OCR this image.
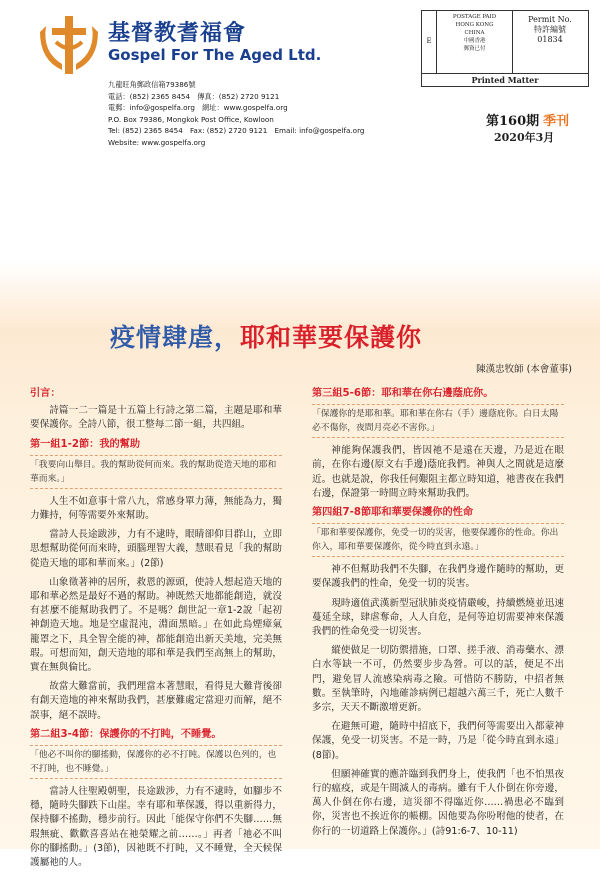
基督教耆福會
Gospel For The Aged Ltd.
九龍旺角郵政信箱79386號
電話：(852) 2365 8454　傳真：(852) 2720 9121
電郵：info@gospelfa.org　網址：www.gospelfa.org
P.O. Box 79386, Mongkok Post Office, Kowloon
Tel: (852) 2365 8454　Fax: (852) 2720 9121　Email: info@gospelfa.org
Website: www.gospelfa.org
E
POSTAGE PAID
HONG KONG
CHINA
中國香港
郵資已付
Permit No.
特許編號
01834
Printed Matter
第160期 季刊
2020年3月
疫情肆虐，耶和華要保護你
陳漢忠牧師 (本會董事)
引言：

詩篇一二一篇是十五篇上行詩之第二篇，主題是耶和華要保護你。全詩八節，很工整每二節一組，共四組。

第一組1-2節：我的幫助
「我要向山舉目。我的幫助從何而來。我的幫助從造天地的耶和華而來。」

人生不如意事十常八九，常感身單力薄，無能為力，獨力難持，何等需要外來幫助。

當詩人長途跋涉，力有不逮時，眼睛卻仰目群山，立即思想幫助從何而來時，頭腦理智大義，慧眼看見「我的幫助從造天地的耶和華而來。」(2節)

山象徵著神的居所，救恩的源頭，使詩人想起造天地的耶和華必然是最好不過的幫助。神既然天地都能創造，就沒有甚麼不能幫助我們了。不是嗎？創世記一章1-2說「起初神創造天地。地是空虛混沌，淵面黑暗。」在如此烏煙瘴氣籠罩之下，具全智全能的神，都能創造出新天美地，完美無瑕。可想而知，創天造地的耶和華是我們至高無上的幫助，實在無與倫比。

故當大難當前，我們理當本著慧眼，看得見大難背後卻有創天造地的神來幫助我們，甚麼難處定當迎刃而解，絕不誤事，絕不誤時。

第二組3-4節：保護你的不打盹，不睡覺。
「他必不叫你的腳搖動，保護你的必不打盹。保護以色列的，也不打盹，也不睡覺。」

當詩人往聖殿朝聖，長途跋涉，力有不逮時，如腳步不穩，隨時失腳跌下山崖。幸有耶和華保護，得以重新得力，保持腳不搖動，穩步前行。因此「能保守你們不失腳……無瑕無疵、歡歡喜喜站在祂榮耀之前……。」再者「祂必不叫你的腳搖動。」(3節)，因祂既不打盹，又不睡覺，全天候保護屬祂的人。

第三組5-6節：耶和華在你右邊蔭庇你。
「保護你的是耶和華。耶和華在你右（手）邊蔭庇你。白日太陽必不傷你，夜間月亮必不害你。」

神能夠保護我們，皆因祂不是遠在天邊，乃是近在眼前，在你右邊(原文右手邊)蔭庇我們。神與人之間就是這麼近。也就是說，你我任何艱阻主都立時知道，祂書夜在我們右邊，保證第一時間立時來幫助我們。

第四組7-8節耶和華要保護你的性命
「耶和華要保護你，免受一切的災害，他要保護你的性命。你出你入，耶和華要保護你，從今時直到永遠。」

神不但幫助我們不失腳，在我們身邊作隨時的幫助，更要保護我們的性命，免受一切的災害。

現時適值武漢新型冠狀肺炎疫情嚴峻，持續燃燒並迅速蔓延全球，肆虐奪命，人人自危，是何等迫切需要神來保護我們的性命免受一切災害。

縱使做足一切防禦措施，口罩、搓手液、消毒藥水、漂白水等缺一不可，仍然要步步為營。可以的話，便足不出門，避免冒人流感染病毒之險。可惜防不勝防，中招者無數。至執筆時，內地確診病例已超越六萬三千，死亡人數千多宗，天天不斷激增更新。

在避無可避，隨時中招底下，我們何等需要出入都蒙神保護，免受一切災害。不是一時，乃是「從今時直到永遠」(8節)。

但願神確實的應許臨到我們身上，使我們「也不怕黑夜行的瘟疫，或是午間滅人的毒病。雖有千人仆倒在你旁邊，萬人仆倒在你右邊，這災卻不得臨近你……禍患必不臨到你，災害也不挨近你的帳棚。因他要為你吩咐他的使者，在你行的一切道路上保護你。」(詩91:6-7、10-11)
